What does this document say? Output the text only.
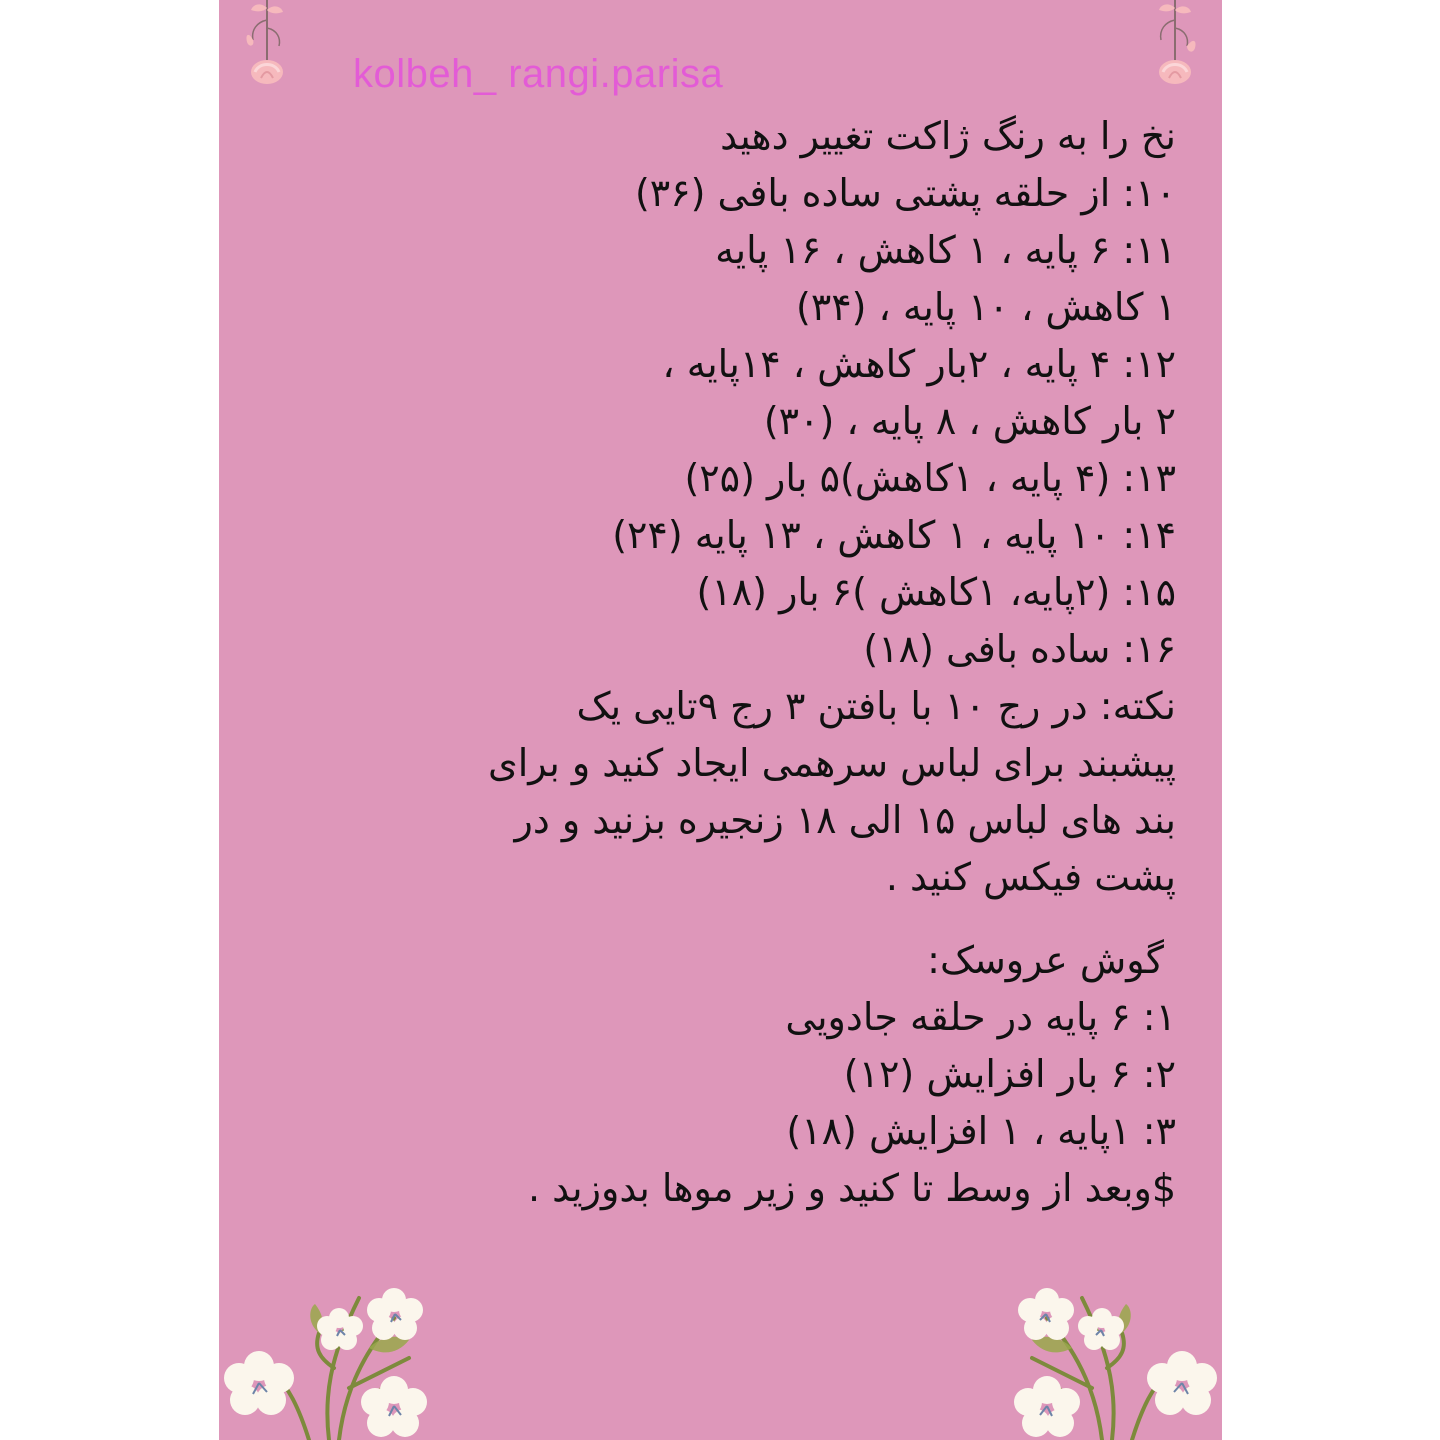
kolbeh_ rangi.parisa
نخ را به رنگ ژاکت تغییر دهید
۱۰: از حلقه پشتی ساده بافی (۳۶)
۱۱: ۶ پایه ، ۱ کاهش ، ۱۶ پایه
۱ کاهش ، ۱۰ پایه ، (۳۴)
۱۲: ۴ پایه ، ۲بار کاهش ، ۱۴پایه ،
۲ بار کاهش ، ۸ پایه ، (۳۰)
۱۳: (۴ پایه ، ۱کاهش)۵ بار (۲۵)
۱۴: ۱۰ پایه ، ۱ کاهش ، ۱۳ پایه (۲۴)
۱۵: (۲پایه، ۱کاهش )۶ بار (۱۸)
۱۶: ساده بافی (۱۸)
نکته: در رج ۱۰ با بافتن ۳ رج ۹تایی یک
پیشبند برای لباس سرهمی ایجاد کنید و برای
بند های لباس ۱۵ الی ۱۸ زنجیره بزنید و در
پشت فیکس کنید .
گوش عروسک:
۱: ۶ پایه در حلقه جادویی
۲: ۶ بار افزایش (۱۲)
۳: ۱پایه ، ۱ افزایش (۱۸)
$وبعد از وسط تا کنید و زیر موها بدوزید .
